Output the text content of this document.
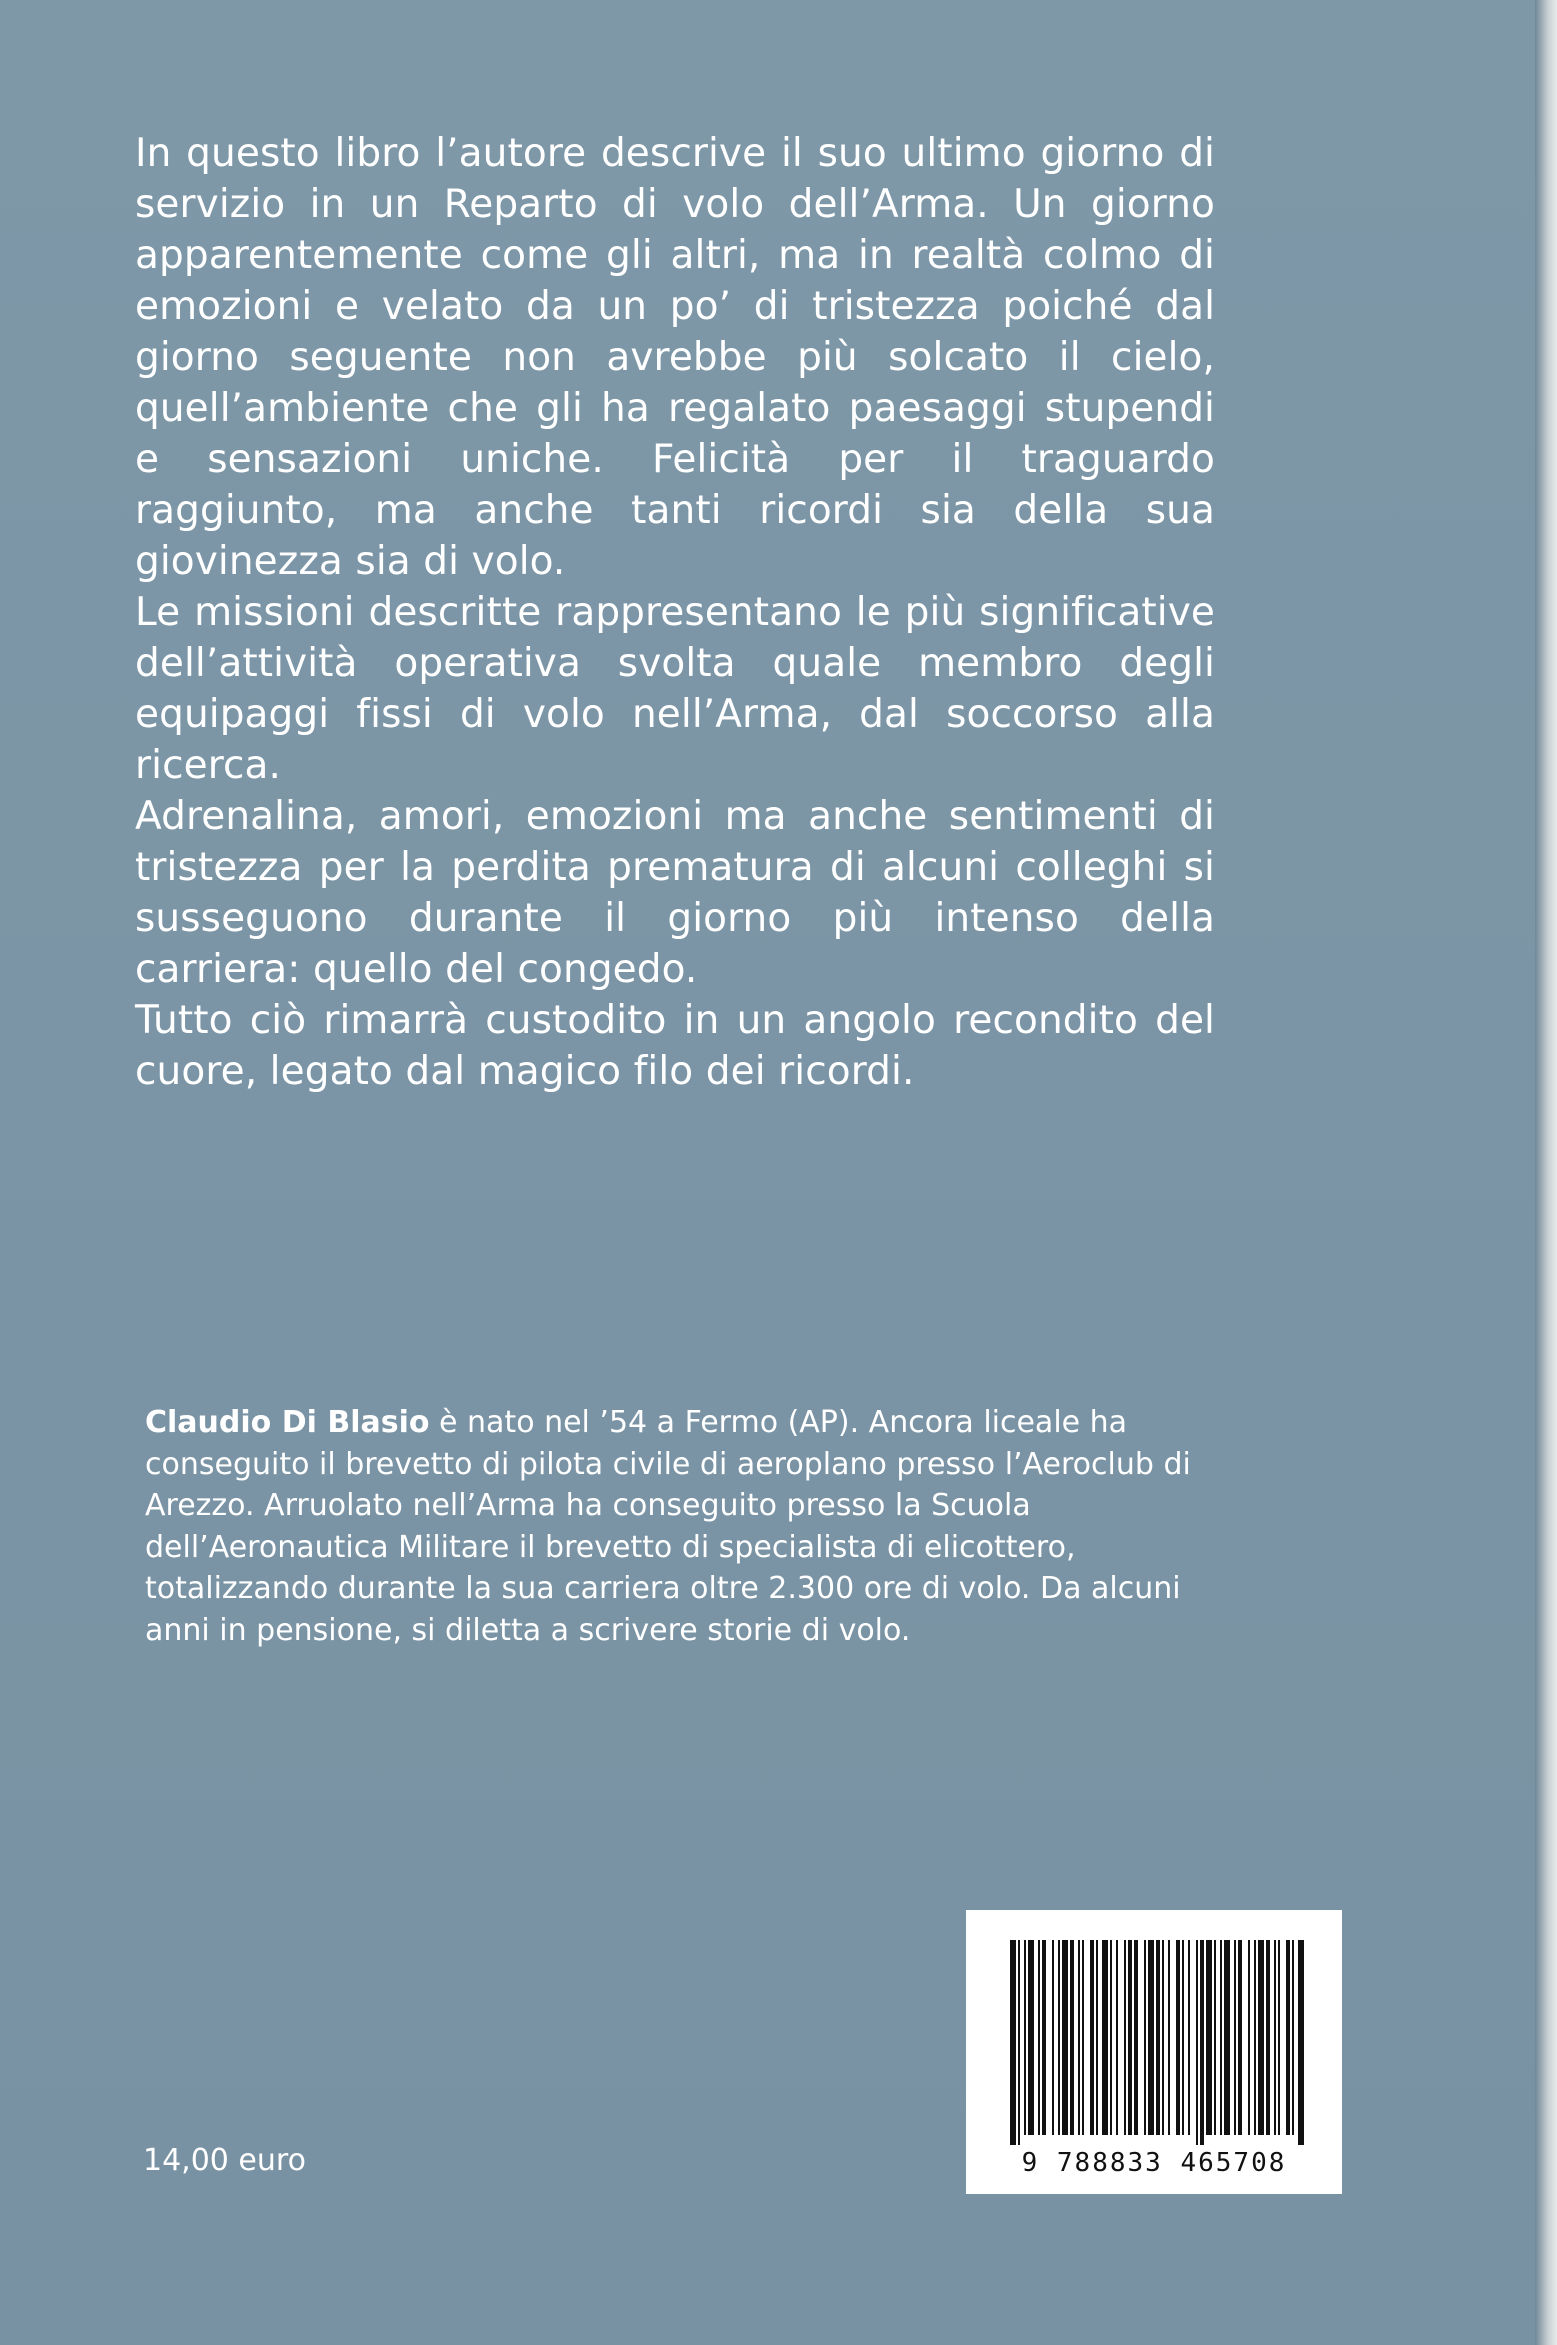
In questo libro l’autore descrive il suo ultimo giorno di servizio in un Reparto di volo dell’Arma. Un giorno apparentemente come gli altri, ma in realtà colmo di emozioni e velato da un po’ di tristezza poiché dal giorno seguente non avrebbe più solcato il cielo, quell’ambiente che gli ha regalato paesaggi stupendi e sensazioni uniche. Felicità per il traguardo raggiunto, ma anche tanti ricordi sia della sua giovinezza sia di volo.

Le missioni descritte rappresentano le più significative dell’attività operativa svolta quale membro degli equipaggi fissi di volo nell’Arma, dal soccorso alla ricerca.

Adrenalina, amori, emozioni ma anche sentimenti di tristezza per la perdita prematura di alcuni colleghi si susseguono durante il giorno più intenso della carriera: quello del congedo.

Tutto ciò rimarrà custodito in un angolo recondito del cuore, legato dal magico filo dei ricordi.

Claudio Di Blasio è nato nel ’54 a Fermo (AP). Ancora liceale ha conseguito il brevetto di pilota civile di aeroplano presso l’Aeroclub di Arezzo. Arruolato nell’Arma ha conseguito presso la Scuola dell’Aeronautica Militare il brevetto di specialista di elicottero, totalizzando durante la sua carriera oltre 2.300 ore di volo. Da alcuni anni in pensione, si diletta a scrivere storie di volo.
14,00 euro	9 788833 465708
